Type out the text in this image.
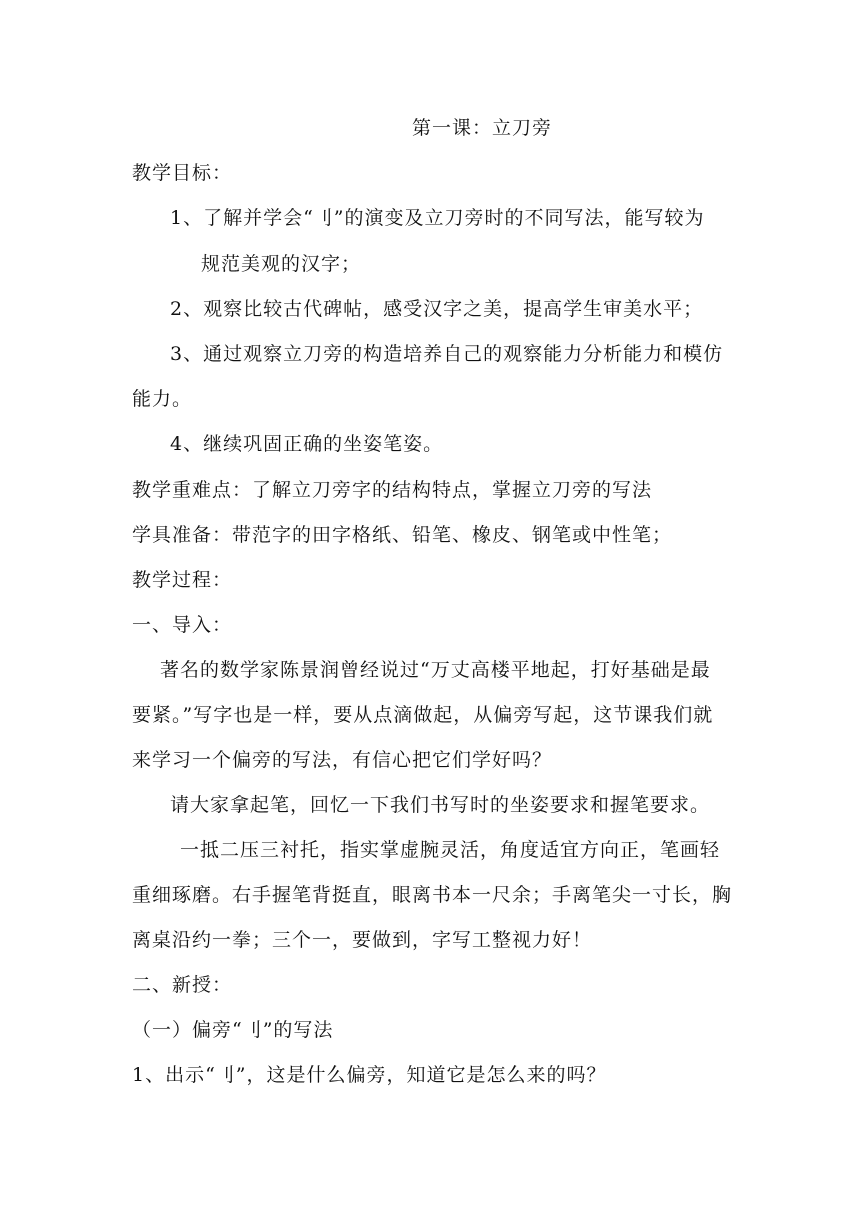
第一课：立刀旁
教学目标：
1、了解并学会“刂”的演变及立刀旁时的不同写法，能写较为
规范美观的汉字；
2、观察比较古代碑帖，感受汉字之美，提高学生审美水平；
3、通过观察立刀旁的构造培养自己的观察能力分析能力和模仿
能力。
4、继续巩固正确的坐姿笔姿。
教学重难点：了解立刀旁字的结构特点，掌握立刀旁的写法
学具准备：带范字的田字格纸、铅笔、橡皮、钢笔或中性笔；
教学过程：
一、导入：
著名的数学家陈景润曾经说过“万丈高楼平地起，打好基础是最
要紧。”写字也是一样，要从点滴做起，从偏旁写起，这节课我们就
来学习一个偏旁的写法，有信心把它们学好吗？
请大家拿起笔，回忆一下我们书写时的坐姿要求和握笔要求。
一抵二压三衬托，指实掌虚腕灵活，角度适宜方向正，笔画轻
重细琢磨。右手握笔背挺直，眼离书本一尺余；手离笔尖一寸长，胸
离桌沿约一拳；三个一，要做到，字写工整视力好！
二、新授：
（一）偏旁“刂”的写法
1、出示“刂”，这是什么偏旁，知道它是怎么来的吗？
